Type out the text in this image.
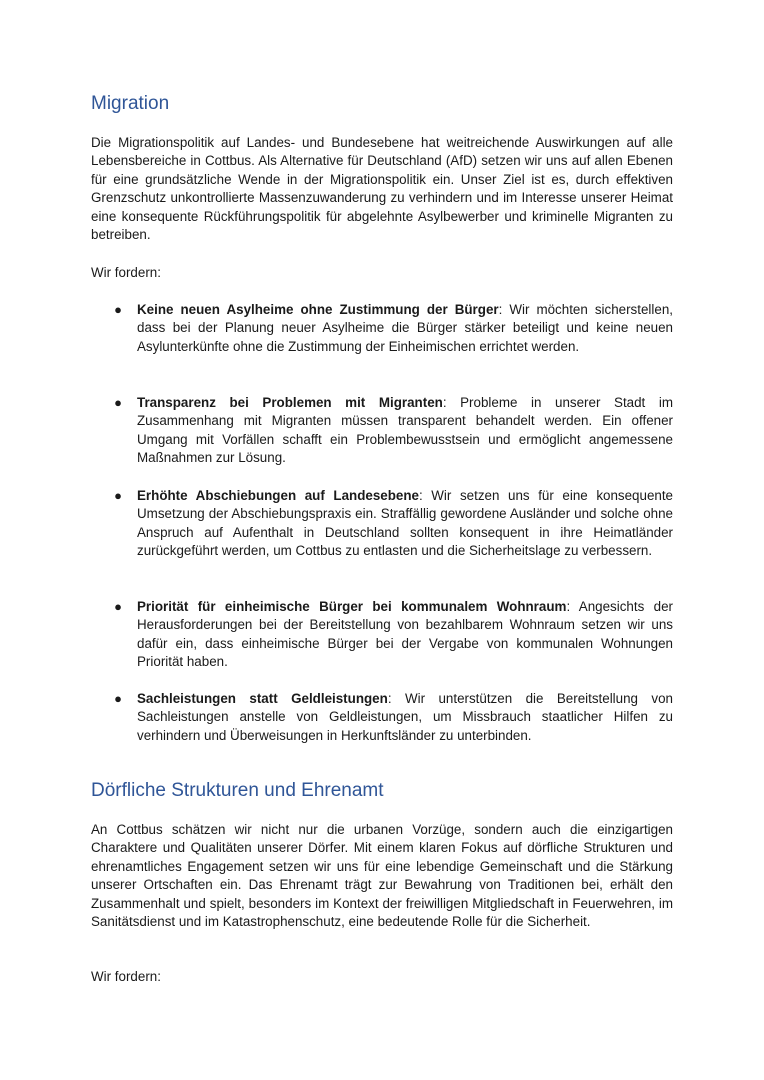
Migration

Die Migrationspolitik auf Landes- und Bundesebene hat weitreichende Auswirkungen auf alle Lebensbereiche in Cottbus. Als Alternative für Deutschland (AfD) setzen wir uns auf allen Ebenen für eine grundsätzliche Wende in der Migrationspolitik ein. Unser Ziel ist es, durch effektiven Grenzschutz unkontrollierte Massenzuwanderung zu verhindern und im Interesse unserer Heimat eine konsequente Rückführungspolitik für abgelehnte Asylbewerber und kriminelle Migranten zu betreiben.

Wir fordern:

● Keine neuen Asylheime ohne Zustimmung der Bürger: Wir möchten sicherstellen, dass bei der Planung neuer Asylheime die Bürger stärker beteiligt und keine neuen Asylunterkünfte ohne die Zustimmung der Einheimischen errichtet werden.
● Transparenz bei Problemen mit Migranten: Probleme in unserer Stadt im Zusammenhang mit Migranten müssen transparent behandelt werden. Ein offener Umgang mit Vorfällen schafft ein Problembewusstsein und ermöglicht angemessene Maßnahmen zur Lösung.
● Erhöhte Abschiebungen auf Landesebene: Wir setzen uns für eine konsequente Umsetzung der Abschiebungspraxis ein. Straffällig gewordene Ausländer und solche ohne Anspruch auf Aufenthalt in Deutschland sollten konsequent in ihre Heimatländer zurückgeführt werden, um Cottbus zu entlasten und die Sicherheitslage zu verbessern.
● Priorität für einheimische Bürger bei kommunalem Wohnraum: Angesichts der Herausforderungen bei der Bereitstellung von bezahlbarem Wohnraum setzen wir uns dafür ein, dass einheimische Bürger bei der Vergabe von kommunalen Wohnungen Priorität haben.
● Sachleistungen statt Geldleistungen: Wir unterstützen die Bereitstellung von Sachleistungen anstelle von Geldleistungen, um Missbrauch staatlicher Hilfen zu verhindern und Überweisungen in Herkunftsländer zu unterbinden.
Dörfliche Strukturen und Ehrenamt

An Cottbus schätzen wir nicht nur die urbanen Vorzüge, sondern auch die einzigartigen Charaktere und Qualitäten unserer Dörfer. Mit einem klaren Fokus auf dörfliche Strukturen und ehrenamtliches Engagement setzen wir uns für eine lebendige Gemeinschaft und die Stärkung unserer Ortschaften ein. Das Ehrenamt trägt zur Bewahrung von Traditionen bei, erhält den Zusammenhalt und spielt, besonders im Kontext der freiwilligen Mitgliedschaft in Feuerwehren, im Sanitätsdienst und im Katastrophenschutz, eine bedeutende Rolle für die Sicherheit.

Wir fordern:
